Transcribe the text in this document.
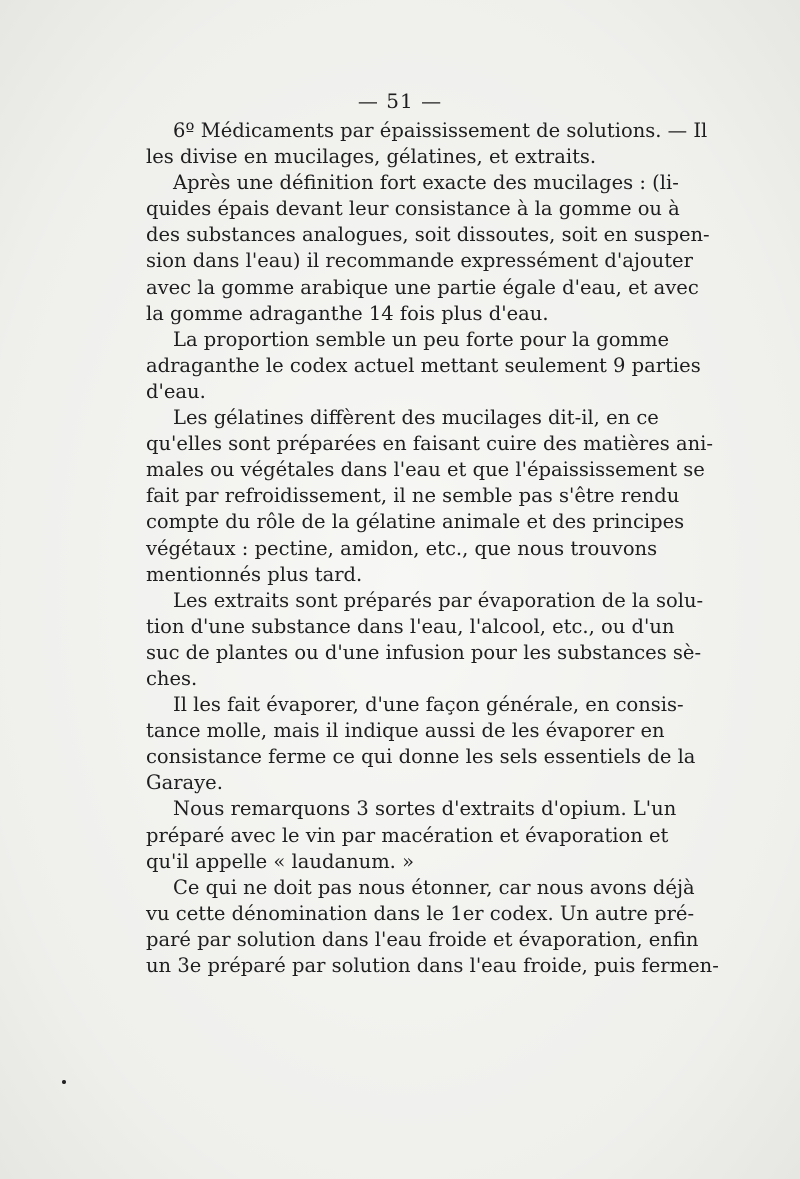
— 51 —

6º Médicaments par épaississement de solutions. — Il
les divise en mucilages, gélatines, et extraits.

Après une définition fort exacte des mucilages : (li-
quides épais devant leur consistance à la gomme ou à
des substances analogues, soit dissoutes, soit en suspen-
sion dans l'eau) il recommande expressément d'ajouter
avec la gomme arabique une partie égale d'eau, et avec
la gomme adraganthe 14 fois plus d'eau.

La proportion semble un peu forte pour la gomme
adraganthe le codex actuel mettant seulement 9 parties
d'eau.

Les gélatines diffèrent des mucilages dit-il, en ce
qu'elles sont préparées en faisant cuire des matières ani-
males ou végétales dans l'eau et que l'épaississement se
fait par refroidissement, il ne semble pas s'être rendu
compte du rôle de la gélatine animale et des principes
végétaux : pectine, amidon, etc., que nous trouvons
mentionnés plus tard.

Les extraits sont préparés par évaporation de la solu-
tion d'une substance dans l'eau, l'alcool, etc., ou d'un
suc de plantes ou d'une infusion pour les substances sè-
ches.

Il les fait évaporer, d'une façon générale, en consis-
tance molle, mais il indique aussi de les évaporer en
consistance ferme ce qui donne les sels essentiels de la
Garaye.

Nous remarquons 3 sortes d'extraits d'opium. L'un
préparé avec le vin par macération et évaporation et
qu'il appelle « laudanum. »

Ce qui ne doit pas nous étonner, car nous avons déjà
vu cette dénomination dans le 1er codex. Un autre pré-
paré par solution dans l'eau froide et évaporation, enfin
un 3e préparé par solution dans l'eau froide, puis fermen-
